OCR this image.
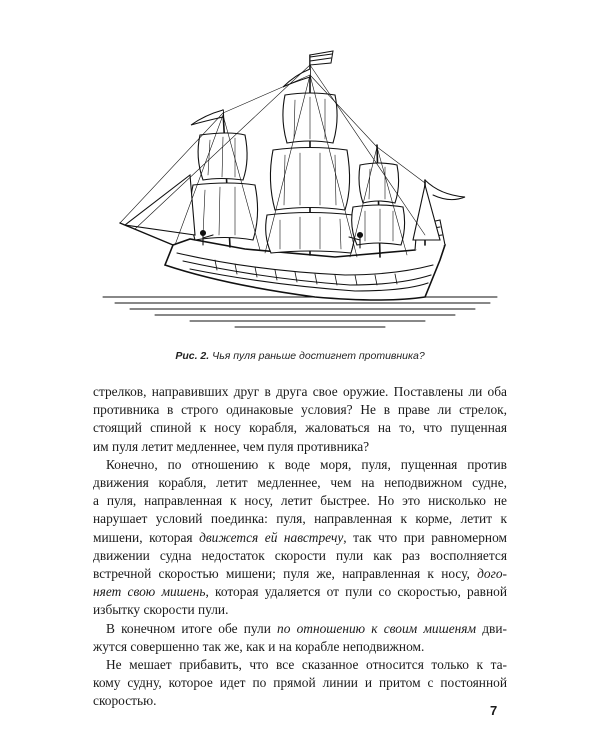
Рис. 2. Чья пуля раньше достигнет противника?

стрелков, направивших друг в друга свое оружие. Поставлены ли оба
противника в строго одинаковые условия? Не в праве ли стрелок,
стоящий спиной к носу корабля, жаловаться на то, что пущенная
им пуля летит медленнее, чем пуля противника?

Конечно, по отношению к воде моря, пуля, пущенная против
движения корабля, летит медленнее, чем на неподвижном судне,
а пуля, направленная к носу, летит быстрее. Но это нисколько не
нарушает условий поединка: пуля, направленная к корме, летит к
мишени, которая движется ей навстречу, так что при равномерном
движении судна недостаток скорости пули как раз восполняется
встречной скоростью мишени; пуля же, направленная к носу, дого-
няет свою мишень, которая удаляется от пули со скоростью, равной
избытку скорости пули.

В конечном итоге обе пули по отношению к своим мишеням дви-
жутся совершенно так же, как и на корабле неподвижном.

Не мешает прибавить, что все сказанное относится только к та-
кому судну, которое идет по прямой линии и притом с постоянной
скоростью.

7
